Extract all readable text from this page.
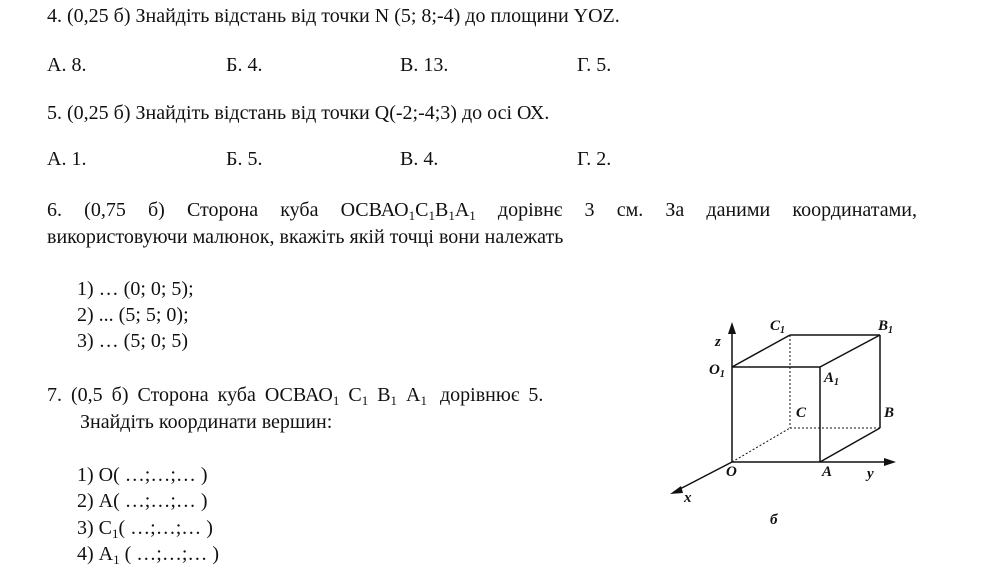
4. (0,25 б) Знайдіть відстань від точки N (5; 8;-4) до площини YOZ.
А. 8.	Б. 4.	В. 13.	Г. 5.
5. (0,25 б) Знайдіть відстань від точки Q(-2;-4;3) до осі ОХ.
А. 1.	Б. 5.	В. 4.	Г. 2.
6. (0,75 б) Сторона куба $ОСВАО_1С_1В_1А_1$ дорівнє 3 см. За даними координатами,
використовуючи малюнок, вкажіть якій точці вони належать
1) … (0; 0; 5);
2) ... (5; 5; 0);
3) … (5; 0; 5)
7. (0,5 б) Сторона куба $ОСВАО_1$ $С_1$ $В_1$ $А_1$ дорівнює 5.
Знайдіть координати вершин:
1) О( …;…;… )
2) А( …;…;… )
3) $С_1$( …;…;… )
4) $А_1$ ( …;…;… )
z
$C_1$	$B_1$
$O_1$	$A_1$
C	B
O	A y
x
б
